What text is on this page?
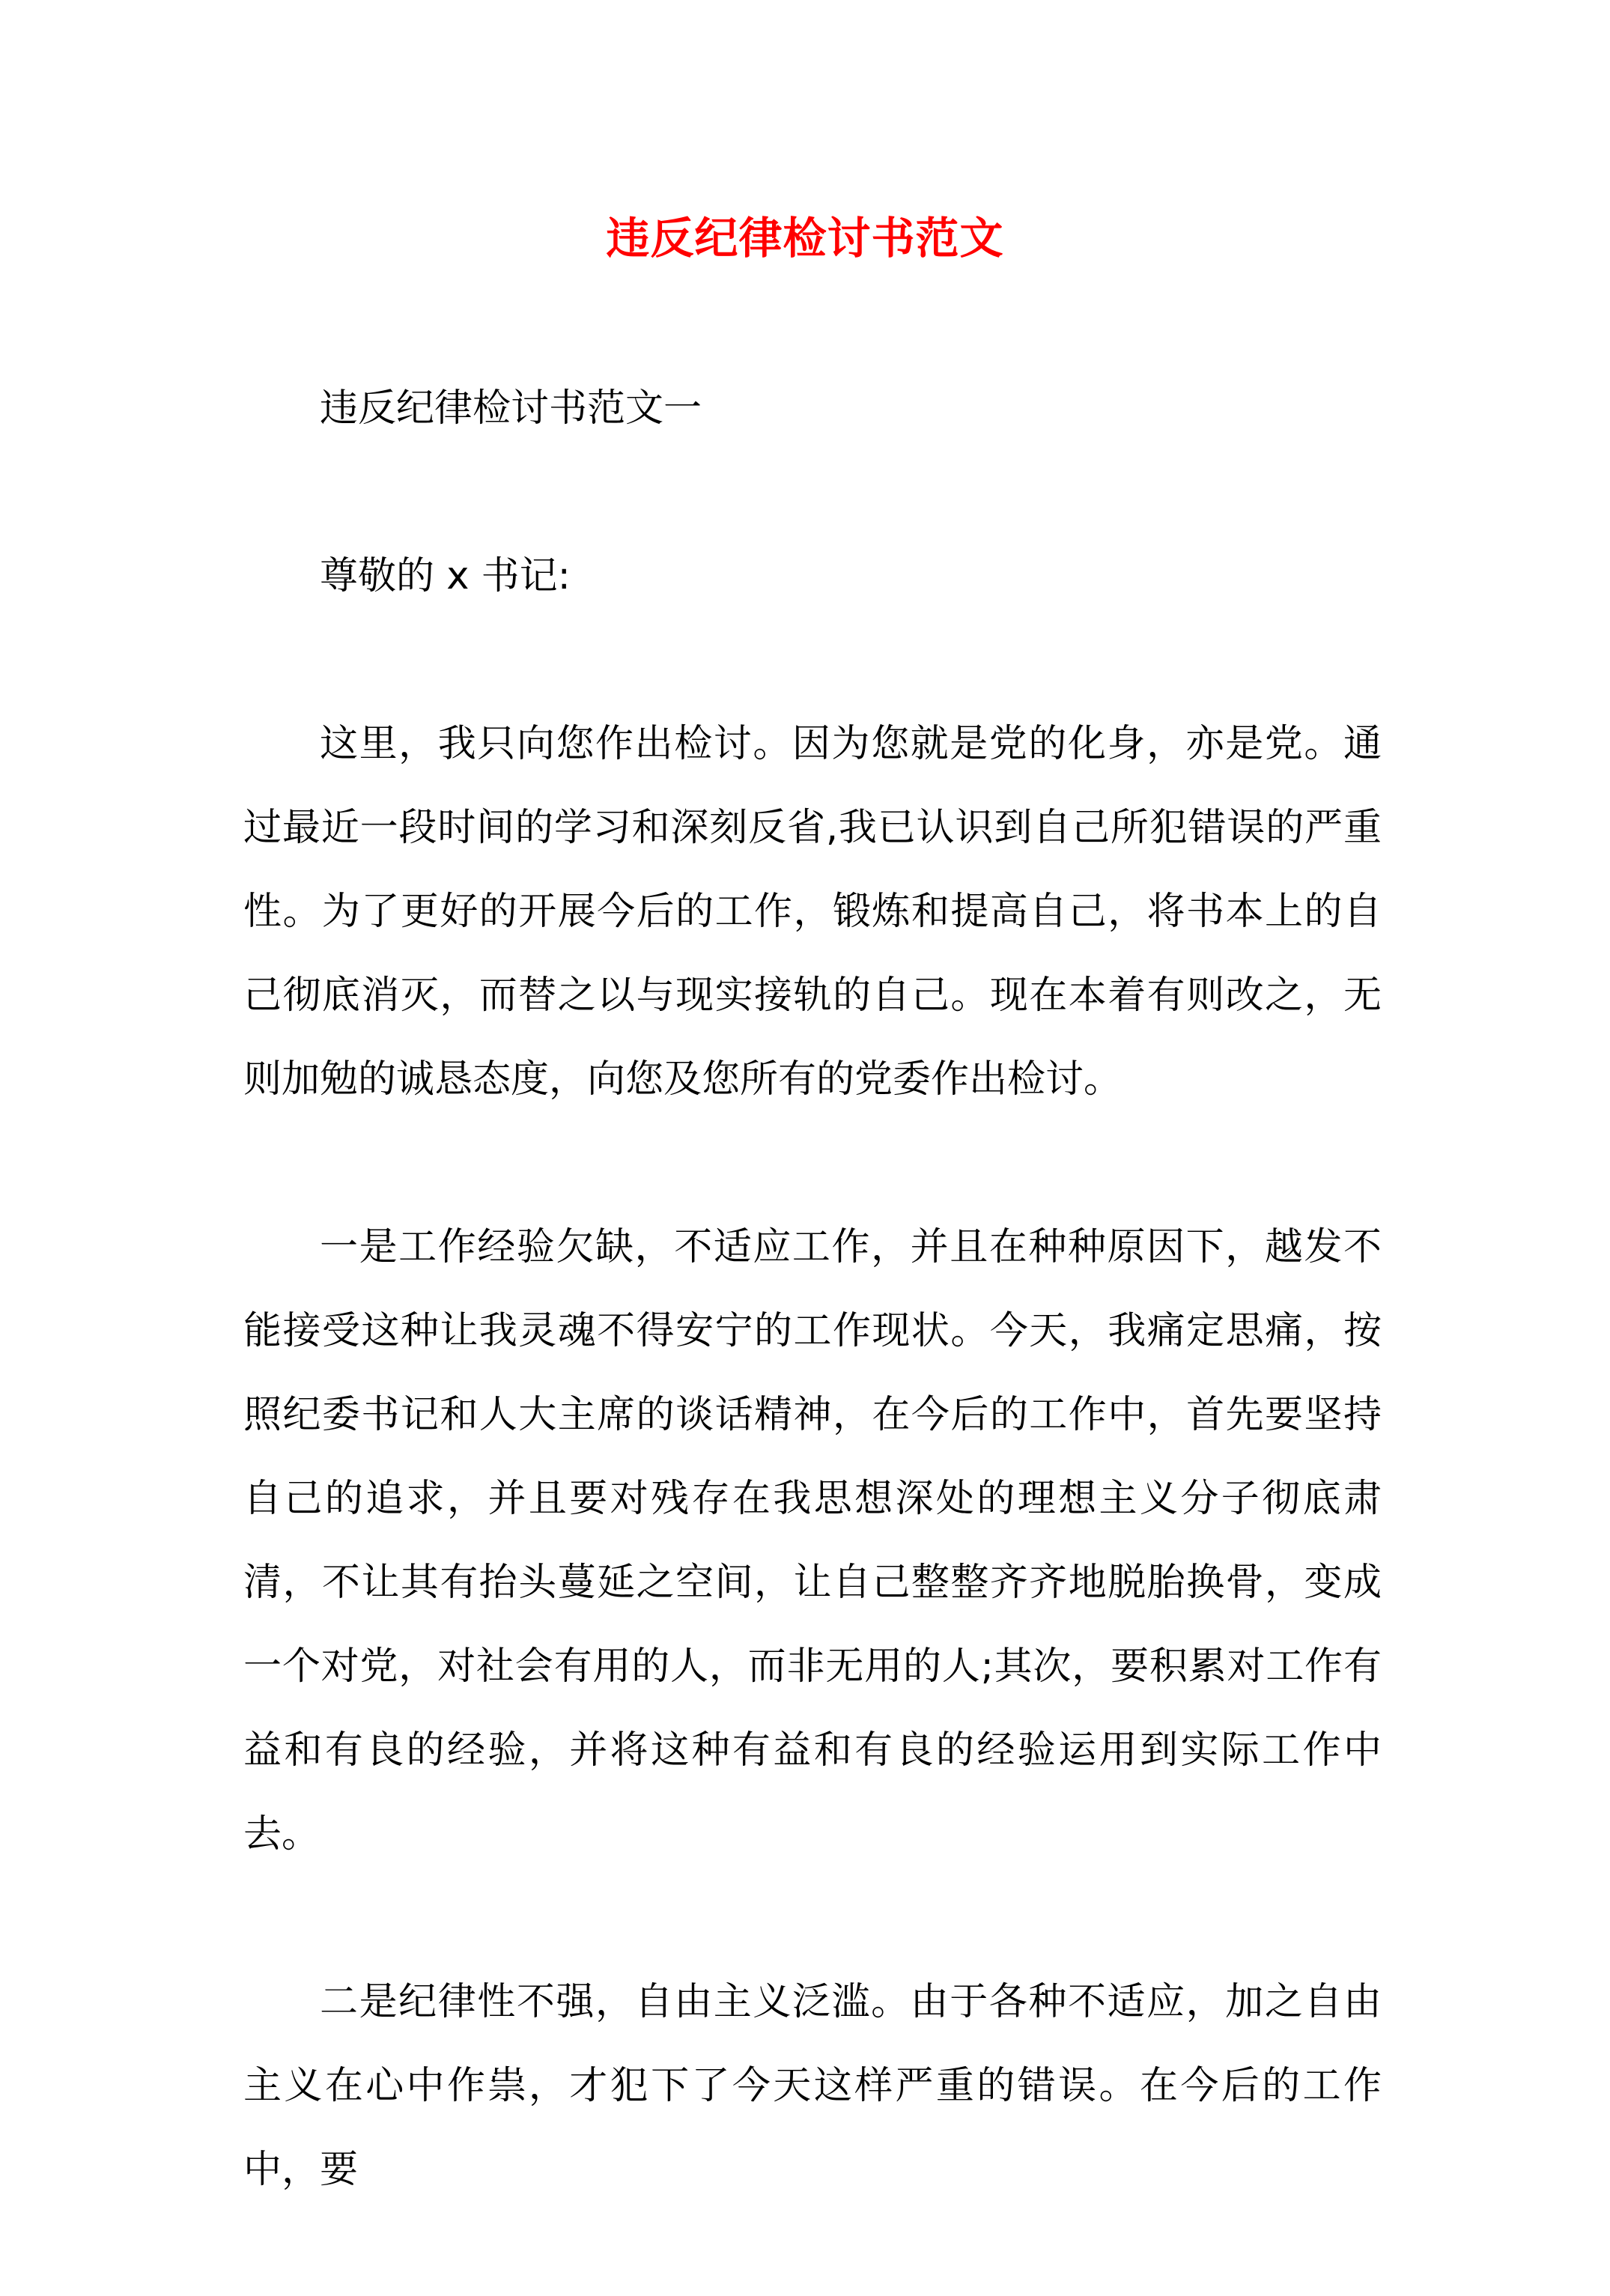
违反纪律检讨书范文

违反纪律检讨书范文一

尊敬的 x 书记:

这里，我只向您作出检讨。因为您就是党的化身，亦是党。通过最近一段时间的学习和深刻反省,我已认识到自己所犯错误的严重性。为了更好的开展今后的工作，锻炼和提高自己，将书本上的自己彻底消灭，而替之以与现实接轨的自己。现在本着有则改之，无则加勉的诚恳态度，向您及您所有的党委作出检讨。

一是工作经验欠缺，不适应工作，并且在种种原因下，越发不能接受这种让我灵魂不得安宁的工作现状。今天，我痛定思痛，按照纪委书记和人大主席的谈话精神，在今后的工作中，首先要坚持自己的追求，并且要对残存在我思想深处的理想主义分子彻底肃清，不让其有抬头蔓延之空间，让自己整整齐齐地脱胎换骨，变成一个对党，对社会有用的人，而非无用的人;其次，要积累对工作有益和有良的经验，并将这种有益和有良的经验运用到实际工作中去。

二是纪律性不强，自由主义泛滥。由于各种不适应，加之自由主义在心中作祟，才犯下了今天这样严重的错误。在今后的工作中，要
